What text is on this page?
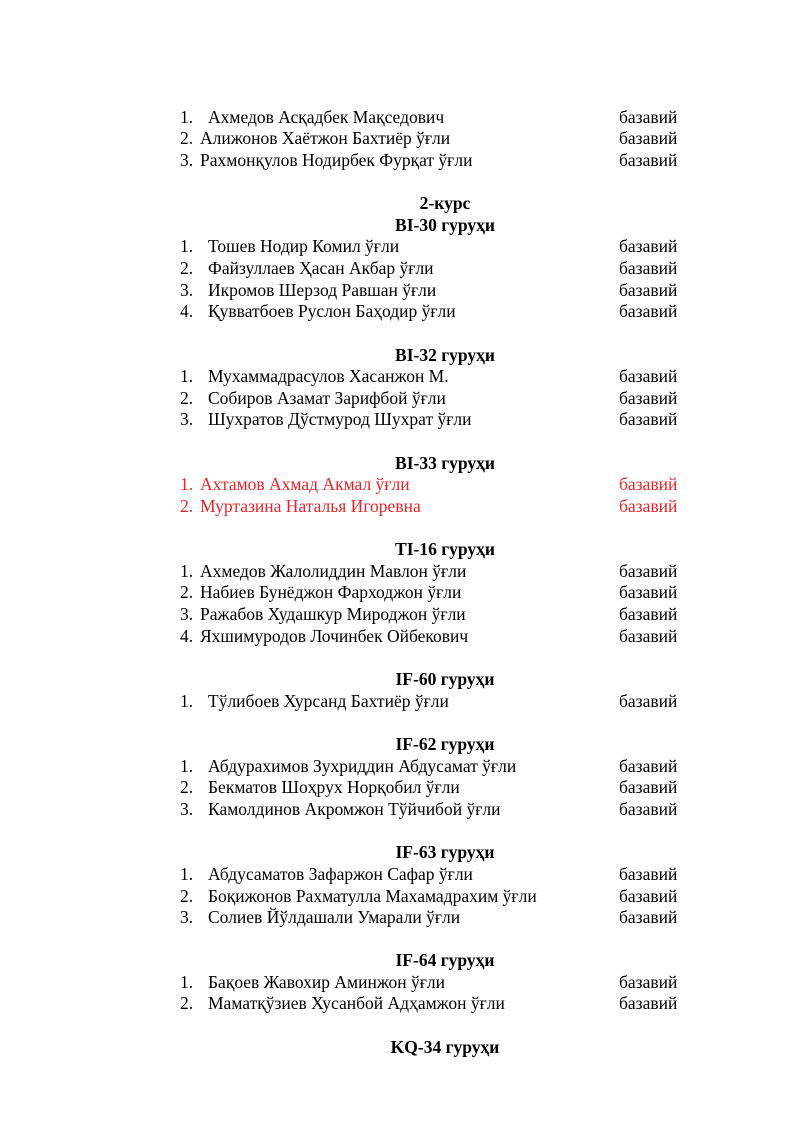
1. Ахмедов Асқадбек Мақседович	базавий
2. Алижонов Хаётжон Бахтиёр ўғли	базавий
3. Рахмонқулов Нодирбек Фурқат ўғли	базавий
2-курс
BI-30 гуруҳи
1. Тошев Нодир Комил ўғли	базавий
2. Файзуллаев Ҳасан Акбар ўғли	базавий
3. Икромов Шерзод Равшан ўғли	базавий
4. Қувватбоев Руслон Баҳодир ўғли	базавий
BI-32 гуруҳи
1. Мухаммадрасулов Хасанжон М.	базавий
2. Собиров Азамат Зарифбой ўғли	базавий
3. Шухратов Дўстмурод Шухрат ўғли	базавий
BI-33 гуруҳи
1. Ахтамов Ахмад Акмал ўғли	базавий
2. Муртазина Наталья Игоревна	базавий
TI-16 гуруҳи
1. Ахмедов Жалолиддин Мавлон ўғли	базавий
2. Набиев Бунёджон Фарходжон ўғли	базавий
3. Ражабов Худашкур Мироджон ўғли	базавий
4. Яхшимуродов Лочинбек Ойбекович	базавий
IF-60 гуруҳи
1. Тўлибоев Хурсанд Бахтиёр ўғли	базавий
IF-62 гуруҳи
1. Абдурахимов Зухриддин Абдусамат ўғли	базавий
2. Бекматов Шоҳрух Норқобил ўғли	базавий
3. Камолдинов Акромжон Тўйчибой ўғли	базавий
IF-63 гуруҳи
1. Абдусаматов Зафаржон Сафар ўғли	базавий
2. Боқижонов Рахматулла Махамадрахим ўғли	базавий
3. Солиев Йўлдашали Умарали ўғли	базавий
IF-64 гуруҳи
1. Бақоев Жавохир Аминжон ўғли	базавий
2. Маматқўзиев Хусанбой Адҳамжон ўғли	базавий
KQ-34 гуруҳи
